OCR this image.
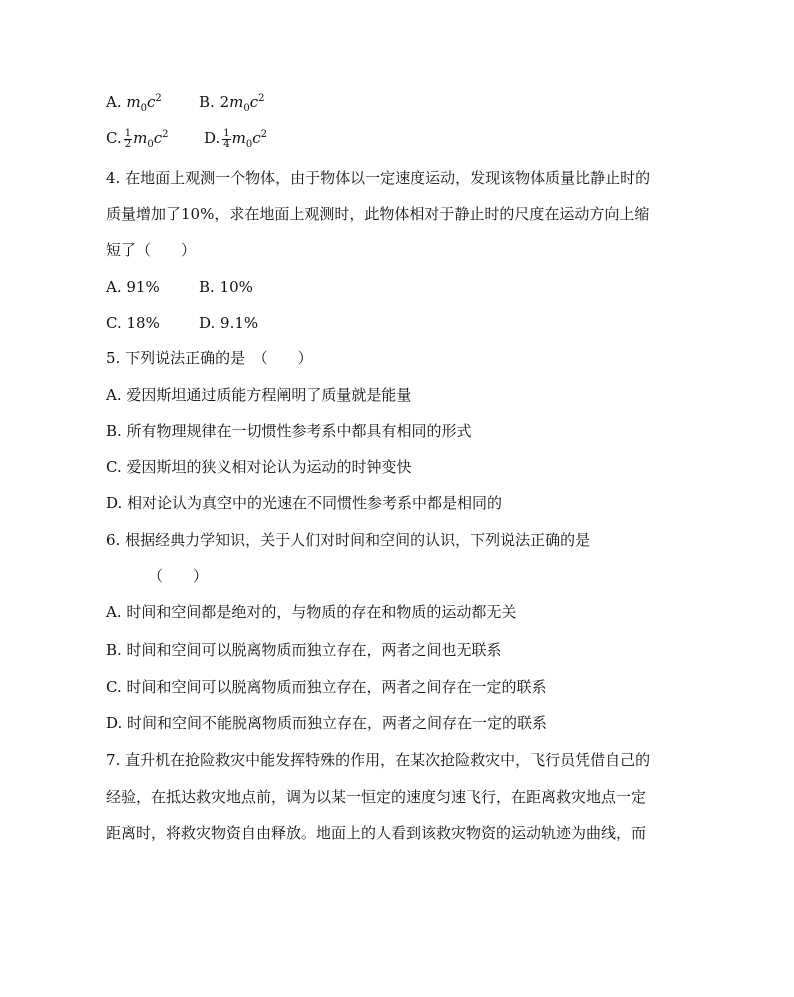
A. $m_0c^2$ B. $2m_0c^2$
C. $\frac{1}{2} m_0c^2$ D. $\frac{1}{4} m_0c^2$
4. 在地面上观测一个物体，由于物体以一定速度运动，发现该物体质量比静止时的
质量增加了10%，求在地面上观测时，此物体相对于静止时的尺度在运动方向上缩
短了（　　）
A. 91%	B. 10%
C. 18%	D. 9.1%
5. 下列说法正确的是　（　　）
A. 爱因斯坦通过质能方程阐明了质量就是能量
B. 所有物理规律在一切惯性参考系中都具有相同的形式
C. 爱因斯坦的狭义相对论认为运动的时钟变快
D. 相对论认为真空中的光速在不同惯性参考系中都是相同的
6. 根据经典力学知识，关于人们对时间和空间的认识，下列说法正确的是
（　　）
A. 时间和空间都是绝对的，与物质的存在和物质的运动都无关
B. 时间和空间可以脱离物质而独立存在，两者之间也无联系
C. 时间和空间可以脱离物质而独立存在，两者之间存在一定的联系
D. 时间和空间不能脱离物质而独立存在，两者之间存在一定的联系
7. 直升机在抢险救灾中能发挥特殊的作用，在某次抢险救灾中，飞行员凭借自己的
经验，在抵达救灾地点前，调为以某一恒定的速度匀速飞行，在距离救灾地点一定
距离时，将救灾物资自由释放。地面上的人看到该救灾物资的运动轨迹为曲线，而
